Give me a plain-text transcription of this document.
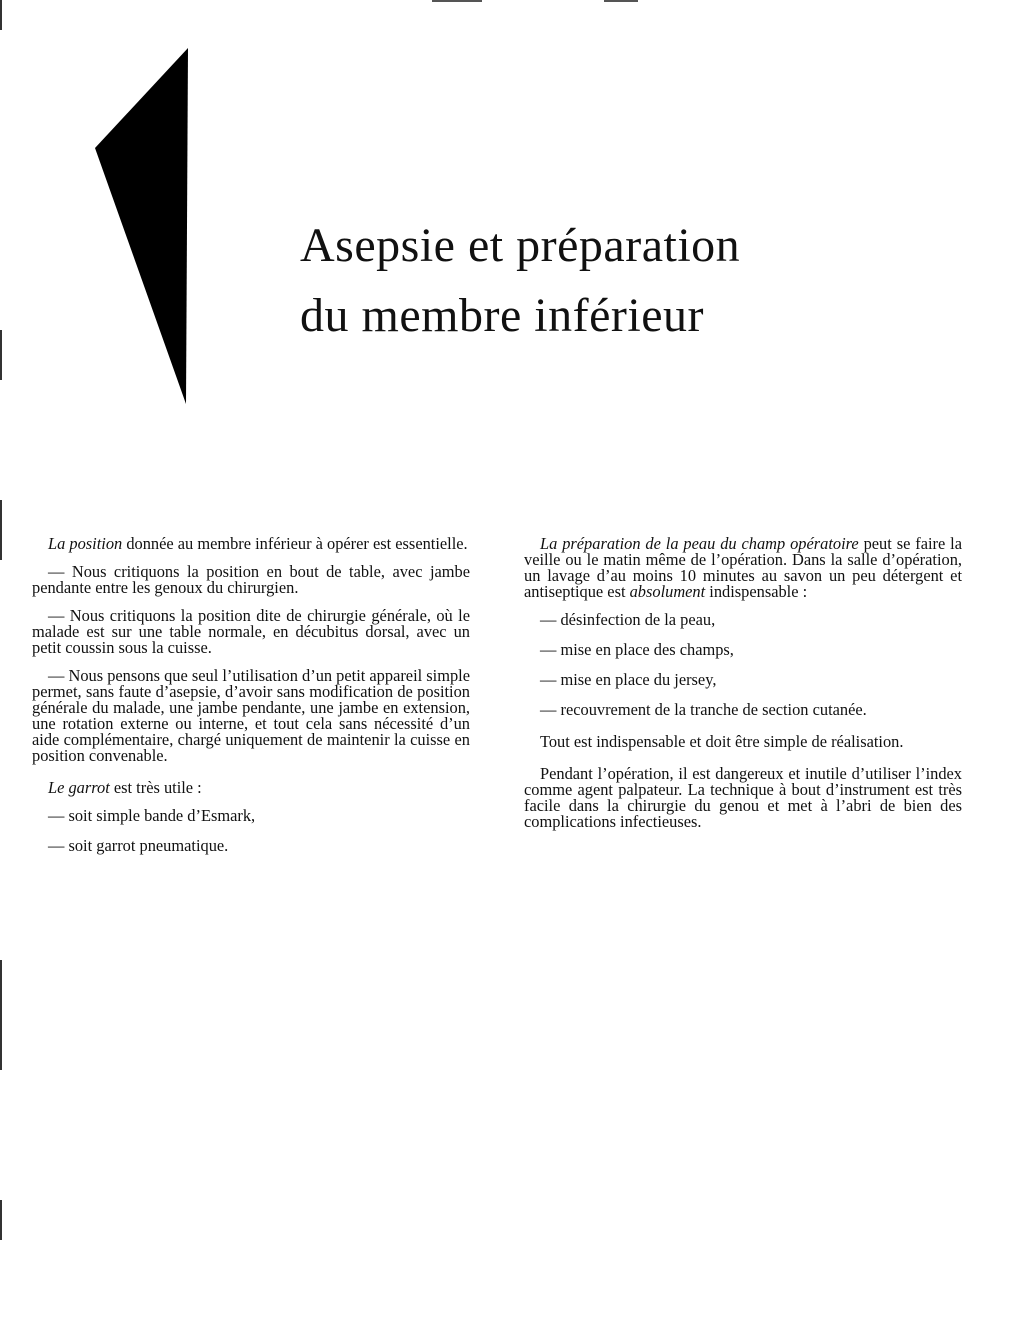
Asepsie et préparation
du membre inférieur

La position donnée au membre inférieur à opérer est essentielle.

— Nous critiquons la position en bout de table, avec jambe pendante entre les genoux du chirurgien.

— Nous critiquons la position dite de chirurgie générale, où le malade est sur une table normale, en décubitus dorsal, avec un petit coussin sous la cuisse.

— Nous pensons que seul l’utilisation d’un petit appareil simple permet, sans faute d’asepsie, d’avoir sans modification de position générale du malade, une jambe pendante, une jambe en extension, une rotation externe ou interne, et tout cela sans nécessité d’un aide complémentaire, chargé uniquement de maintenir la cuisse en position convenable.

Le garrot est très utile :

— soit simple bande d’Esmark,

— soit garrot pneumatique.

La préparation de la peau du champ opératoire peut se faire la veille ou le matin même de l’opération. Dans la salle d’opération, un lavage d’au moins 10 minutes au savon un peu détergent et antiseptique est absolument indispensable :

— désinfection de la peau,

— mise en place des champs,

— mise en place du jersey,

— recouvrement de la tranche de section cutanée.

Tout est indispensable et doit être simple de réalisation.

Pendant l’opération, il est dangereux et inutile d’utiliser l’index comme agent palpateur. La technique à bout d’instrument est très facile dans la chirurgie du genou et met à l’abri de bien des complications infectieuses.
